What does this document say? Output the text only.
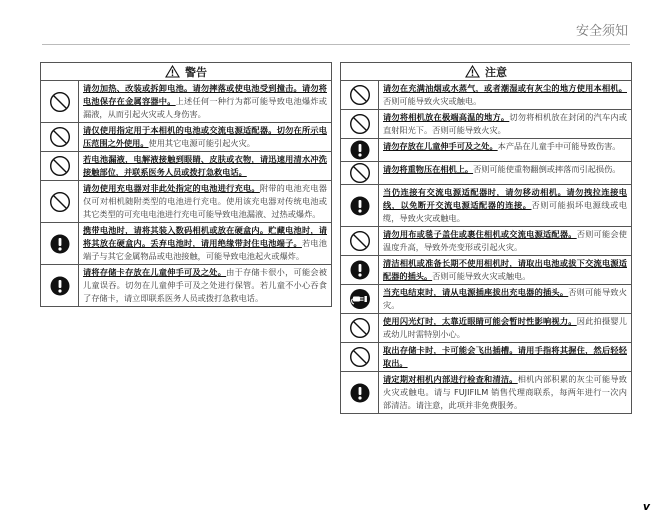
安全须知
警告
请勿加热、改装或拆卸电池。请勿摔落或使电池受到撞击。请勿将电池保存在金属容器中。上述任何一种行为都可能导致电池爆炸或漏液，从而引起火灾或人身伤害。
请仅使用指定用于本相机的电池或交流电源适配器。切勿在所示电压范围之外使用。使用其它电源可能引起火灾。
若电池漏液，电解液接触到眼睛、皮肤或衣物，请迅速用清水冲洗接触部位，并联系医务人员或拨打急救电话。
请勿使用充电器对非此处指定的电池进行充电。附带的电池充电器仅可对相机随附类型的电池进行充电。使用该充电器对传统电池或其它类型的可充电电池进行充电可能导致电池漏液、过热或爆炸。
携带电池时，请将其装入数码相机或放在硬盒内。贮藏电池时，请将其放在硬盒内。丢弃电池时，请用绝缘带封住电池端子。若电池端子与其它金属物品或电池接触，可能导致电池起火或爆炸。
请将存储卡存放在儿童伸手可及之处。由于存储卡很小，可能会被儿童误吞。切勿在儿童伸手可及之处进行保管。若儿童不小心吞食了存储卡，请立即联系医务人员或拨打急救电话。
注意
请勿在充满油烟或水蒸气，或者潮湿或有灰尘的地方使用本相机。否则可能导致火灾或触电。
请勿将相机放在极端高温的地方。切勿将相机放在封闭的汽车内或直射阳光下。否则可能导致火灾。
请勿存放在儿童伸手可及之处。本产品在儿童手中可能导致伤害。
请勿将重物压在相机上。否则可能使重物翻倒或摔落而引起损伤。
当仍连接有交流电源适配器时，请勿移动相机。请勿拽拉连接电线，以免断开交流电源适配器的连接。否则可能损坏电源线或电缆，导致火灾或触电。
请勿用布或毯子盖住或裹住相机或交流电源适配器。否则可能会使温度升高，导致外壳变形或引起火灾。
清洁相机或准备长期不使用相机时，请取出电池或拔下交流电源适配器的插头。否则可能导致火灾或触电。
当充电结束时，请从电源插座拔出充电器的插头。否则可能导致火灾。
使用闪光灯时，太靠近眼睛可能会暂时性影响视力。因此拍摄婴儿或幼儿时需特别小心。
取出存储卡时，卡可能会飞出插槽。请用手指将其握住，然后轻轻取出。
请定期对相机内部进行检查和清洁。相机内部积累的灰尘可能导致火灾或触电。请与 FUJIFILM 销售代理商联系，每两年进行一次内部清洁。请注意，此项并非免费服务。
v
